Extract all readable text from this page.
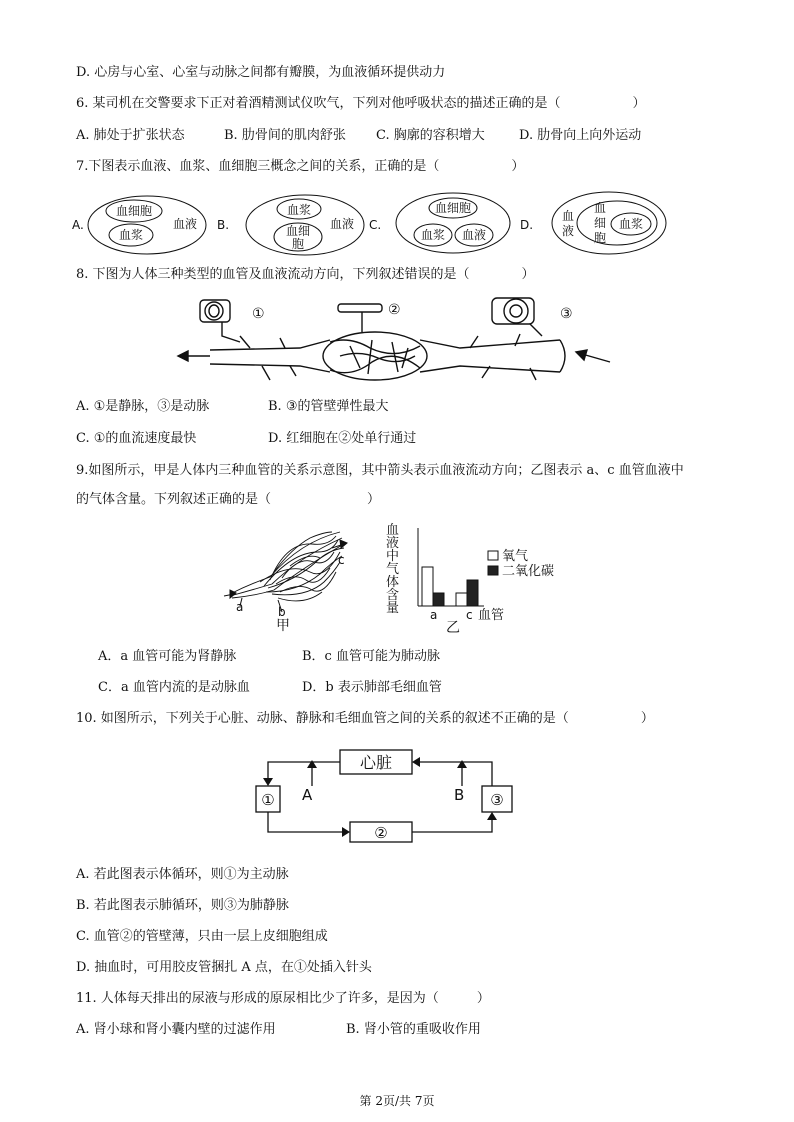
D. 心房与心室、心室与动脉之间都有瓣膜，为血液循环提供动力
6. 某司机在交警要求下正对着酒精测试仪吹气，下列对他呼吸状态的描述正确的是（	）
A. 肺处于扩张状态	B. 肋骨间的肌肉舒张 C. 胸廓的容积增大	D. 肋骨向上向外运动
7.下图表示血液、血浆、血细胞三概念之间的关系，正确的是（	）
A.	B.	C.	D.
血细胞
血浆
血液
血浆
血液
血细
胞
血细胞
血浆 血液
血
液
血
细
胞
血浆
8. 下图为人体三种类型的血管及血液流动方向，下列叙述错误的是（	）
①	②	③
A. ①是静脉，③是动脉	B. ③的管壁弹性最大
C. ①的血流速度最快	D. 红细胞在②处单行通过
9.如图所示，甲是人体内三种血管的关系示意图，其中箭头表示血液流动方向；乙图表示 a、c 血管血液中
的气体含量。下列叙述正确的是（	）
a	b
c
甲
血
液
中
气
体
含
量
氧气
二氧化碳
a c 血管
乙
A．a 血管可能为肾静脉	B．c 血管可能为肺动脉
C．a 血管内流的是动脉血	D．b 表示肺部毛细血管
10. 如图所示，下列关于心脏、动脉、静脉和毛细血管之间的关系的叙述不正确的是（	）
心脏
①
②
③
A	B
A. 若此图表示体循环，则①为主动脉
B. 若此图表示肺循环，则③为肺静脉
C. 血管②的管壁薄，只由一层上皮细胞组成
D. 抽血时，可用胶皮管捆扎 A 点，在①处插入针头
11. 人体每天排出的尿液与形成的原尿相比少了许多，是因为（	）
A. 肾小球和肾小囊内壁的过滤作用	B. 肾小管的重吸收作用
第 2页/共 7页
